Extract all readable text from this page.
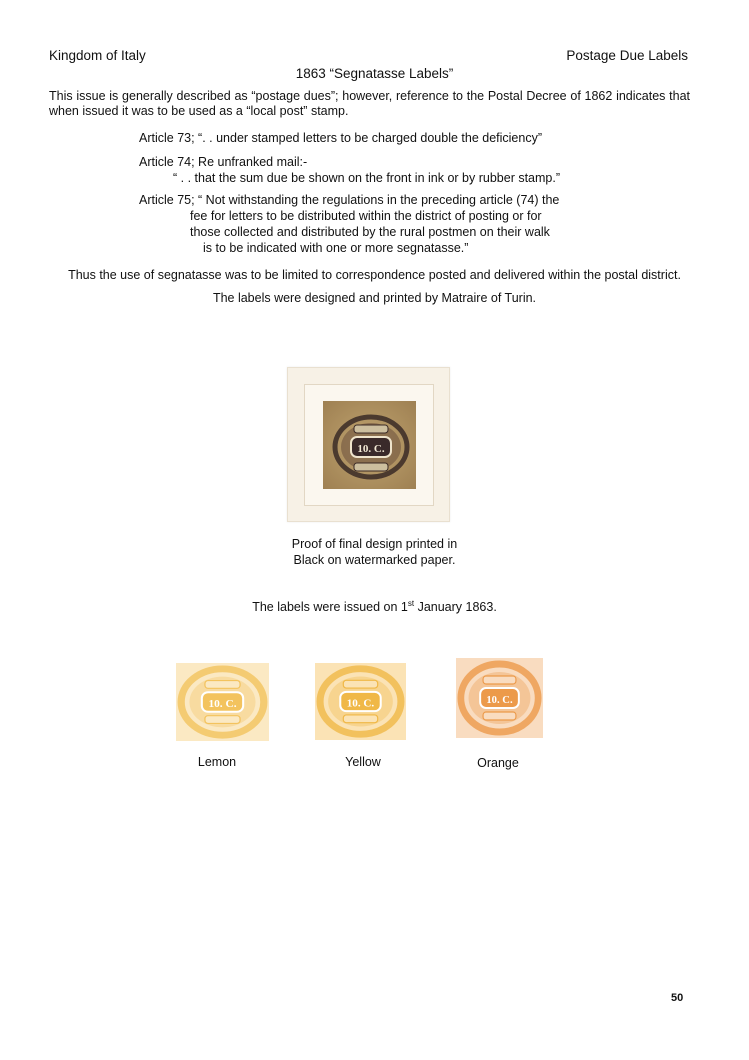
Kingdom of Italy	Postage Due Labels
1863 “Segnatasse Labels”
This issue is generally described as “postage dues”; however, reference to the Postal Decree of 1862 indicates that when issued it was to be used as a “local post” stamp.
Article 73; “. . under stamped letters to be charged double the deficiency”
Article 74; Re unfranked mail:-
“ . . that the sum due be shown on the front in ink or by rubber stamp.”
Article 75; “ Not withstanding the regulations in the preceding article (74) the
fee for letters to be distributed within the district of posting or for
those collected and distributed by the rural postmen on their walk
is to be indicated with one or more segnatasse.”
Thus the use of segnatasse was to be limited to correspondence posted and delivered within the postal district.
The labels were designed and printed by Matraire of Turin.
10. C.
Proof of final design printed in
Black on watermarked paper.
The labels were issued on 1st January 1863.
10. C.
Lemon
10. C.
Yellow
10. C.
Orange
50
